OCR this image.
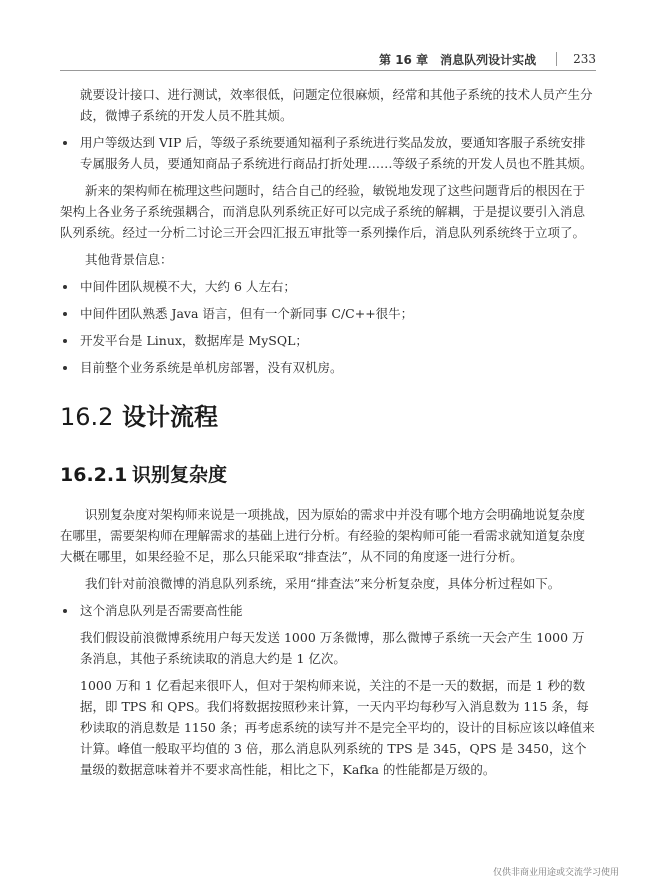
第 16 章　消息队列设计实战	233

就要设计接口、进行测试，效率很低，问题定位很麻烦，经常和其他子系统的技术人员产生分歧，微博子系统的开发人员不胜其烦。

用户等级达到 VIP 后，等级子系统要通知福利子系统进行奖品发放，要通知客服子系统安排专属服务人员，要通知商品子系统进行商品打折处理……等级子系统的开发人员也不胜其烦。

新来的架构师在梳理这些问题时，结合自己的经验，敏锐地发现了这些问题背后的根因在于架构上各业务子系统强耦合，而消息队列系统正好可以完成子系统的解耦，于是提议要引入消息队列系统。经过一分析二讨论三开会四汇报五审批等一系列操作后，消息队列系统终于立项了。

其他背景信息：

中间件团队规模不大，大约 6 人左右；
中间件团队熟悉 Java 语言，但有一个新同事 C/C++很牛；
开发平台是 Linux，数据库是 MySQL；
目前整个业务系统是单机房部署，没有双机房。
16.2 设计流程
16.2.1 识别复杂度

识别复杂度对架构师来说是一项挑战，因为原始的需求中并没有哪个地方会明确地说复杂度在哪里，需要架构师在理解需求的基础上进行分析。有经验的架构师可能一看需求就知道复杂度大概在哪里，如果经验不足，那么只能采取“排查法”，从不同的角度逐一进行分析。

我们针对前浪微博的消息队列系统，采用“排查法”来分析复杂度，具体分析过程如下。

这个消息队列是否需要高性能

我们假设前浪微博系统用户每天发送 1000 万条微博，那么微博子系统一天会产生 1000 万条消息，其他子系统读取的消息大约是 1 亿次。

1000 万和 1 亿看起来很吓人，但对于架构师来说，关注的不是一天的数据，而是 1 秒的数据，即 TPS 和 QPS。我们将数据按照秒来计算，一天内平均每秒写入消息数为 115 条，每秒读取的消息数是 1150 条；再考虑系统的读写并不是完全平均的，设计的目标应该以峰值来计算。峰值一般取平均值的 3 倍，那么消息队列系统的 TPS 是 345，QPS 是 3450，这个量级的数据意味着并不要求高性能，相比之下，Kafka 的性能都是万级的。

仅供非商业用途或交流学习使用
